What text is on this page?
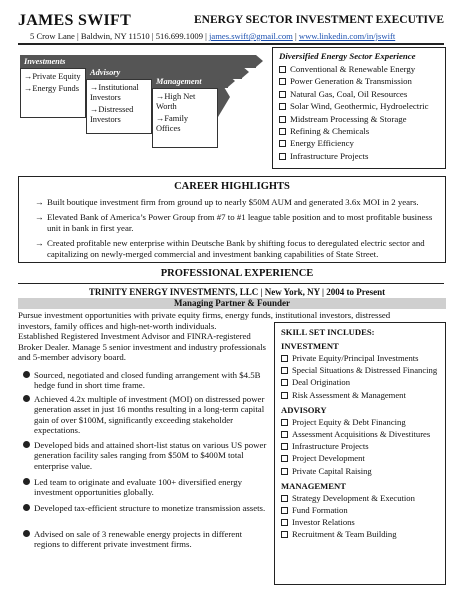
JAMES SWIFT	ENERGY SECTOR INVESTMENT EXECUTIVE
5 Crow Lane | Baldwin, NY 11510 | 516.699.1009 | james.swift@gmail.com | www.linkedin.com/in/jswift
Investments
→Private Equity
→Energy Funds
Advisory
→Institutional Investors
→Distressed Investors
Management
→High Net Worth
→Family Offices
Diversified Energy Sector Experience
Conventional & Renewable Energy
Power Generation & Transmission
Natural Gas, Coal, Oil Resources
Solar Wind, Geothermic, Hydroelectric
Midstream Processing & Storage
Refining & Chemicals
Energy Efficiency
Infrastructure Projects
CAREER HIGHLIGHTS
→ Built boutique investment firm from ground up to nearly $50M AUM and generated 3.6x MOI in 2 years.
→ Elevated Bank of America’s Power Group from #7 to #1 league table position and to most profitable business unit in bank in first year.
→ Created profitable new enterprise within Deutsche Bank by shifting focus to deregulated electric sector and capitalizing on newly-merged commercial and investment banking capabilities of State Street.
PROFESSIONAL EXPERIENCE
TRINITY ENERGY INVESTMENTS, LLC | New York, NY | 2004 to Present
Managing Partner & Founder
Pursue investment opportunities with private equity firms, energy funds, institutional investors, distressed
investors, family offices and high-net-worth individuals.
Established Registered Investment Advisor and FINRA-registered Broker Dealer. Manage 5 senior investment and industry professionals and 5-member advisory board.
Sourced, negotiated and closed funding arrangement with $4.5B hedge fund in short time frame.
Achieved 4.2x multiple of investment (MOI) on distressed power generation asset in just 16 months resulting in a long-term capital gain of over $100M, significantly exceeding stakeholder expectations.
Developed bids and attained short-list status on various US power generation facility sales ranging from $50M to $400M total enterprise value.
Led team to originate and evaluate 100+ diversified energy investment opportunities globally.
Developed tax-efficient structure to monetize transmission assets.
Advised on sale of 3 renewable energy projects in different regions to different private investment firms.
SKILL SET INCLUDES:
INVESTMENT
Private Equity/Principal Investments
Special Situations & Distressed Financing
Deal Origination
Risk Assessment & Management
ADVISORY
Project Equity & Debt Financing
Assessment Acquisitions & Divestitures
Infrastructure Projects
Project Development
Private Capital Raising
MANAGEMENT
Strategy Development & Execution
Fund Formation
Investor Relations
Recruitment & Team Building
